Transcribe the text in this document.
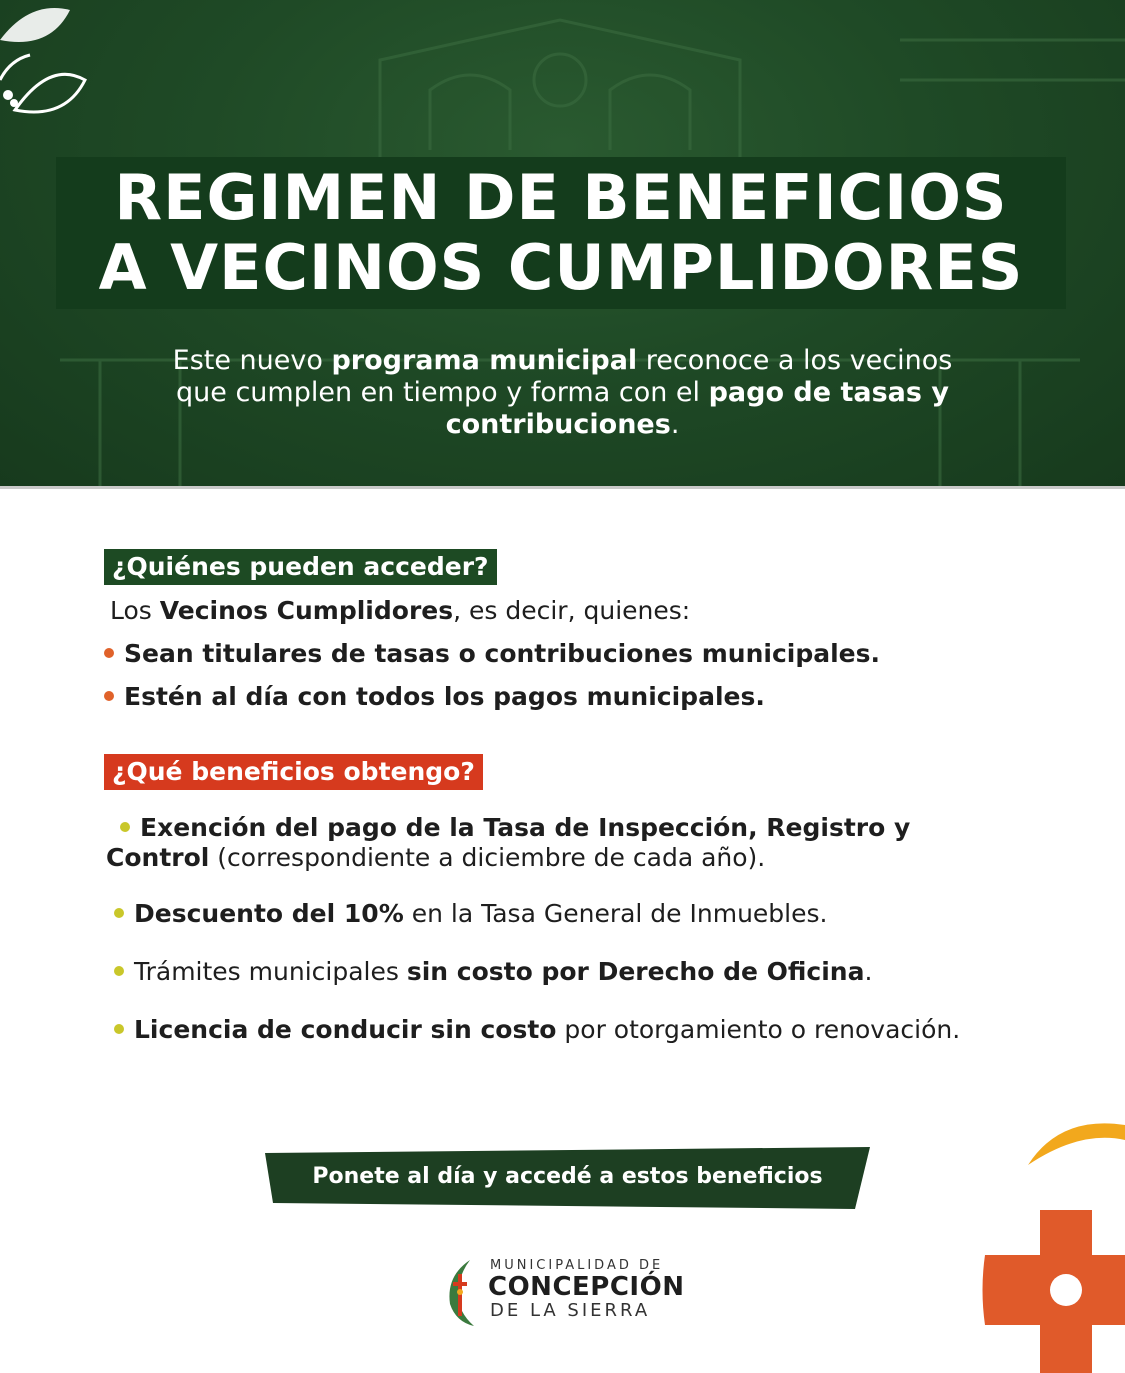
REGIMEN DE BENEFICIOS
A VECINOS CUMPLIDORES
Este nuevo programa municipal reconoce a los vecinos que cumplen en tiempo y forma con el pago de tasas y contribuciones.
¿Quiénes pueden acceder?
Los Vecinos Cumplidores, es decir, quienes:
Sean titulares de tasas o contribuciones municipales.
Estén al día con todos los pagos municipales.
¿Qué beneficios obtengo?
Exención del pago de la Tasa de Inspección, Registro y Control (correspondiente a diciembre de cada año).
Descuento del 10% en la Tasa General de Inmuebles.
Trámites municipales sin costo por Derecho de Oficina.
Licencia de conducir sin costo por otorgamiento o renovación.
Ponete al día y accedé a estos beneficios
MUNICIPALIDAD DE
CONCEPCIÓN
DE LA SIERRA
